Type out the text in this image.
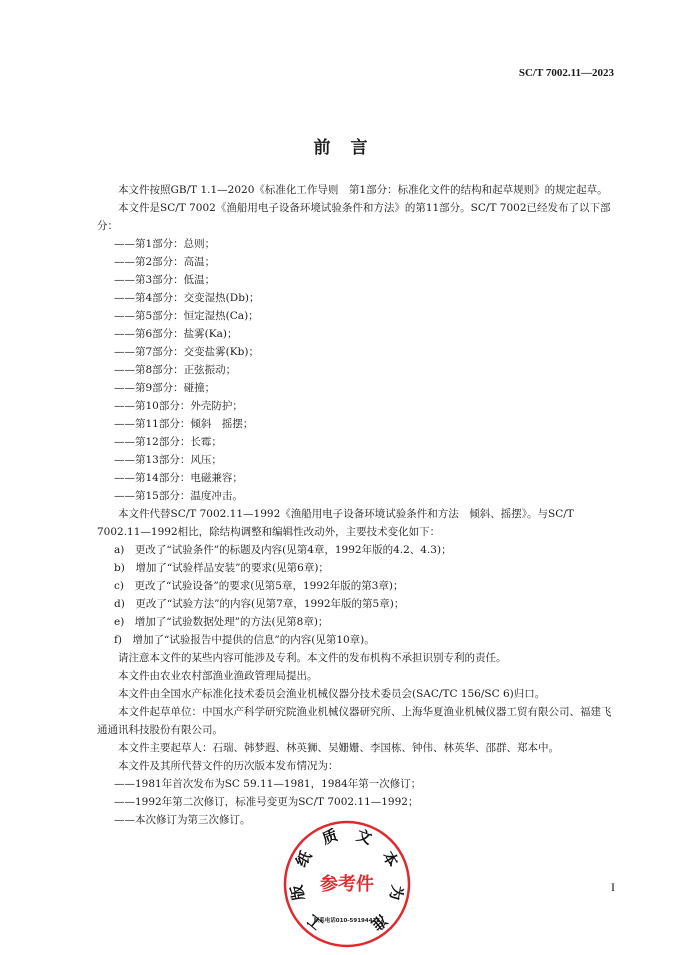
SC/T 7002.11—2023
前言

本文件按照GB/T 1.1—2020《标准化工作导则　第1部分：标准化文件的结构和起草规则》的规定起草。

本文件是SC/T 7002《渔船用电子设备环境试验条件和方法》的第11部分。SC/T 7002已经发布了以下部分：

——第1部分：总则；

——第2部分：高温；

——第3部分：低温；

——第4部分：交变湿热(Db)；

——第5部分：恒定湿热(Ca)；

——第6部分：盐雾(Ka)；

——第7部分：交变盐雾(Kb)；

——第8部分：正弦振动；

——第9部分：碰撞；

——第10部分：外壳防护；

——第11部分：倾斜　摇摆；

——第12部分：长霉；

——第13部分：风压；

——第14部分：电磁兼容；

——第15部分：温度冲击。

本文件代替SC/T 7002.11—1992《渔船用电子设备环境试验条件和方法　倾斜、摇摆》。与SC/T 7002.11—1992相比，除结构调整和编辑性改动外，主要技术变化如下：

a)　更改了“试验条件”的标题及内容(见第4章，1992年版的4.2、4.3)；

b)　增加了“试验样品安装”的要求(见第6章)；

c)　更改了“试验设备”的要求(见第5章，1992年版的第3章)；

d)　更改了“试验方法”的内容(见第7章，1992年版的第5章)；

e)　增加了“试验数据处理”的方法(见第8章)；

f)　增加了“试验报告中提供的信息”的内容(见第10章)。

请注意本文件的某些内容可能涉及专利。本文件的发布机构不承担识别专利的责任。

本文件由农业农村部渔业渔政管理局提出。

本文件由全国水产标准化技术委员会渔业机械仪器分技术委员会(SAC/TC 156/SC 6)归口。

本文件起草单位：中国水产科学研究院渔业机械仪器研究所、上海华夏渔业机械仪器工贸有限公司、福建飞通通讯科技股份有限公司。

本文件主要起草人：石瑞、韩梦遐、林英狮、吴姗姗、李国栋、钟伟、林英华、邵群、郑本中。

本文件及其所代替文件的历次版本发布情况为：

——1981年首次发布为SC 59.11—1981，1984年第一次修订；

——1992年第二次修订，标准号变更为SC/T 7002.11—1992；

——本次修订为第三次修订。

工
版
纸
质 文
本
为
准
参考件
联系电话010-59194426
I
